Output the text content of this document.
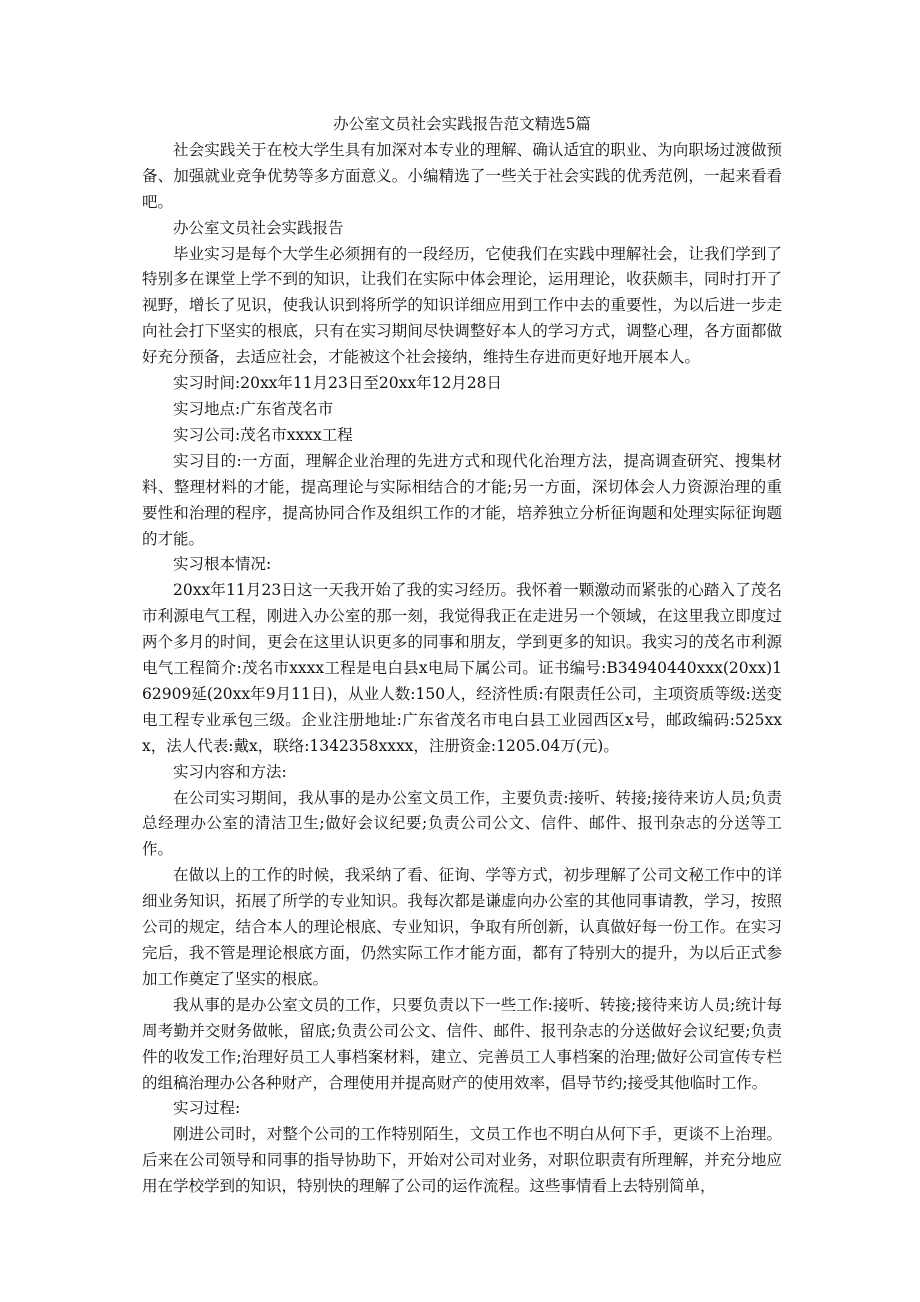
办公室文员社会实践报告范文精选5篇

社会实践关于在校大学生具有加深对本专业的理解、确认适宜的职业、为向职场过渡做预备、加强就业竞争优势等多方面意义。小编精选了一些关于社会实践的优秀范例，一起来看看吧。

办公室文员社会实践报告

毕业实习是每个大学生必须拥有的一段经历，它使我们在实践中理解社会，让我们学到了特别多在课堂上学不到的知识，让我们在实际中体会理论，运用理论，收获颇丰，同时打开了视野，增长了见识，使我认识到将所学的知识详细应用到工作中去的重要性，为以后进一步走向社会打下坚实的根底，只有在实习期间尽快调整好本人的学习方式，调整心理，各方面都做好充分预备，去适应社会，才能被这个社会接纳，维持生存进而更好地开展本人。

实习时间:20xx年11月23日至20xx年12月28日

实习地点:广东省茂名市

实习公司:茂名市xxxx工程

实习目的:一方面，理解企业治理的先进方式和现代化治理方法，提高调查研究、搜集材料、整理材料的才能，提高理论与实际相结合的才能;另一方面，深切体会人力资源治理的重要性和治理的程序，提高协同合作及组织工作的才能，培养独立分析征询题和处理实际征询题的才能。

实习根本情况:

20xx年11月23日这一天我开始了我的实习经历。我怀着一颗激动而紧张的心踏入了茂名市利源电气工程，刚进入办公室的那一刻，我觉得我正在走进另一个领域，在这里我立即度过两个多月的时间，更会在这里认识更多的同事和朋友，学到更多的知识。我实习的茂名市利源电气工程简介:茂名市xxxx工程是电白县x电局下属公司。证书编号:B34940440xxx(20xx)162909延(20xx年9月11日)，从业人数:150人，经济性质:有限责任公司，主项资质等级:送变电工程专业承包三级。企业注册地址:广东省茂名市电白县工业园西区x号，邮政编码:525xxx，法人代表:戴x，联络:1342358xxxx，注册资金:1205.04万(元)。

实习内容和方法:

在公司实习期间，我从事的是办公室文员工作，主要负责:接听、转接;接待来访人员;负责总经理办公室的清洁卫生;做好会议纪要;负责公司公文、信件、邮件、报刊杂志的分送等工作。

在做以上的工作的时候，我采纳了看、征询、学等方式，初步理解了公司文秘工作中的详细业务知识，拓展了所学的专业知识。我每次都是谦虚向办公室的其他同事请教，学习，按照公司的规定，结合本人的理论根底、专业知识，争取有所创新，认真做好每一份工作。在实习完后，我不管是理论根底方面，仍然实际工作才能方面，都有了特别大的提升，为以后正式参加工作奠定了坚实的根底。

我从事的是办公室文员的工作，只要负责以下一些工作:接听、转接;接待来访人员;统计每周考勤并交财务做帐，留底;负责公司公文、信件、邮件、报刊杂志的分送做好会议纪要;负责件的收发工作;治理好员工人事档案材料，建立、完善员工人事档案的治理;做好公司宣传专栏的组稿治理办公各种财产，合理使用并提高财产的使用效率，倡导节约;接受其他临时工作。

实习过程:

刚进公司时，对整个公司的工作特别陌生，文员工作也不明白从何下手，更谈不上治理。后来在公司领导和同事的指导协助下，开始对公司对业务，对职位职责有所理解，并充分地应用在学校学到的知识，特别快的理解了公司的运作流程。这些事情看上去特别简单，
